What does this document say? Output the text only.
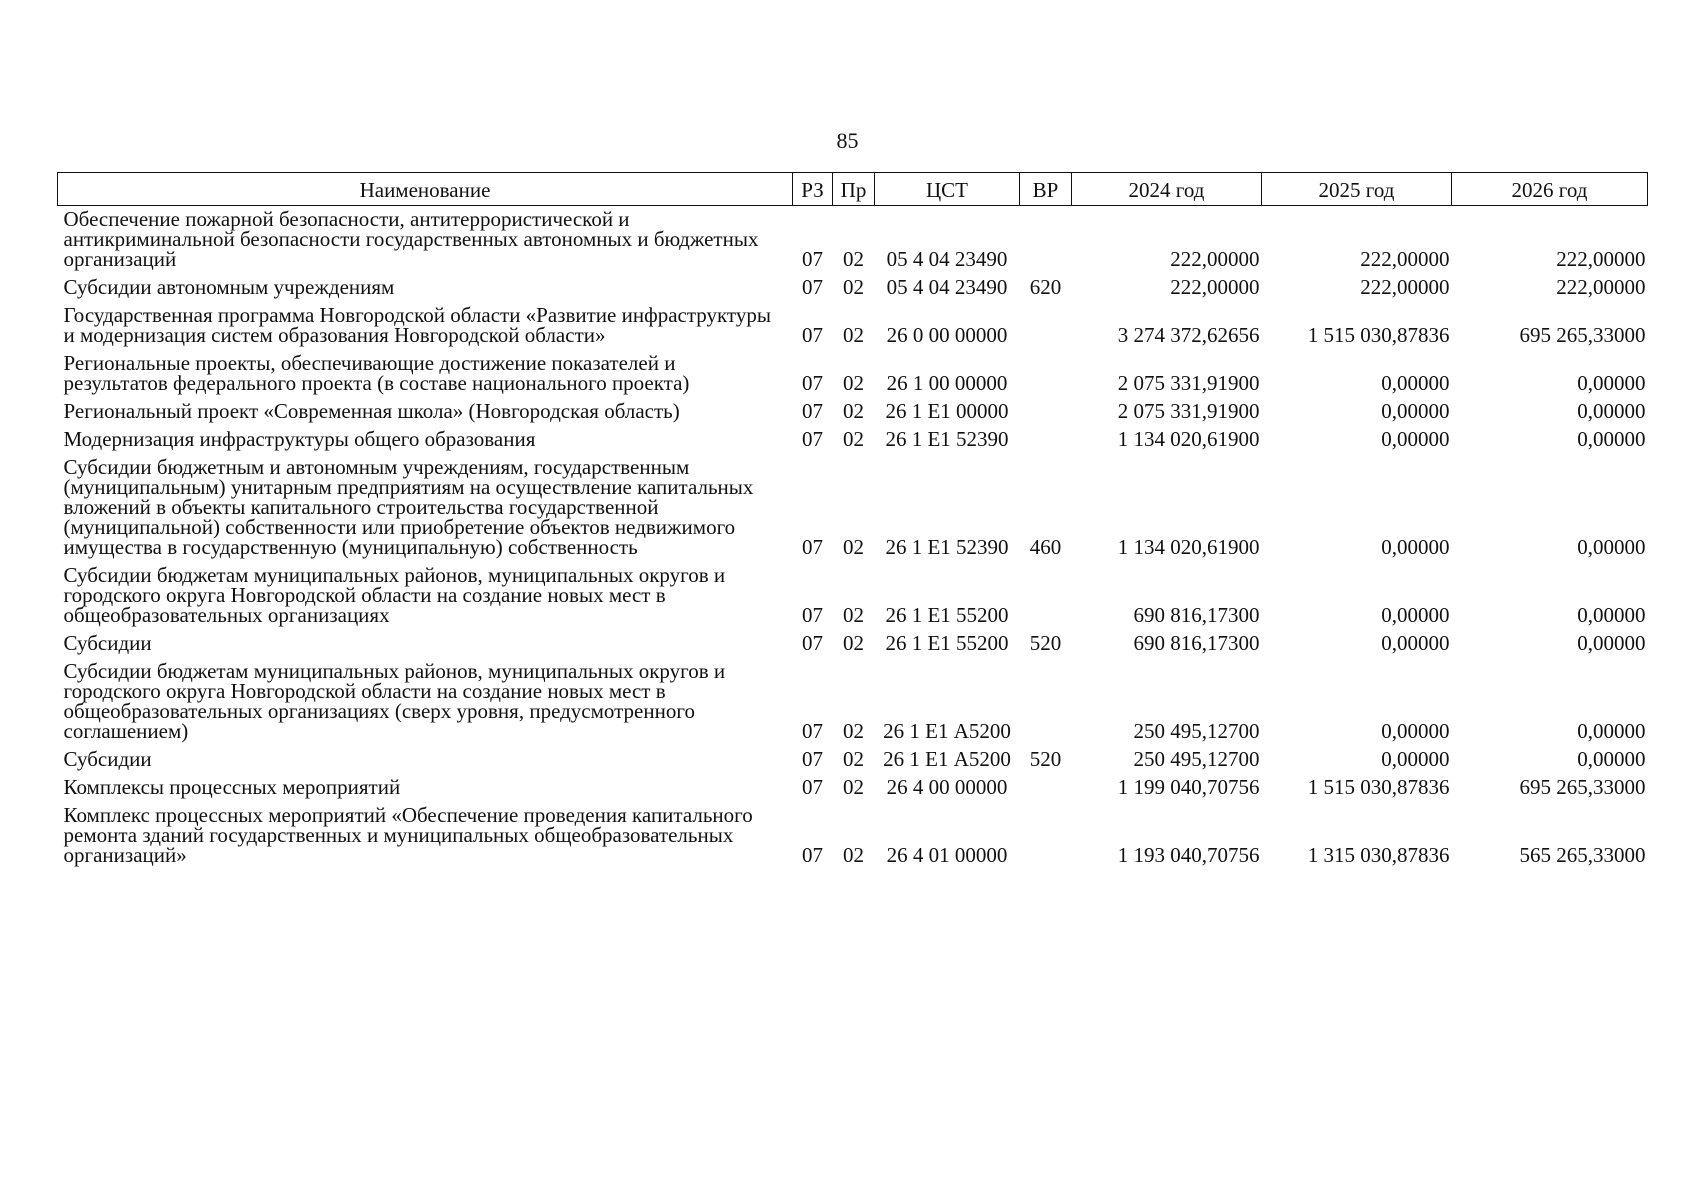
85
Наименование	РЗ	Пр	ЦСТ	ВР	2024 год	2025 год	2026 год
Обеспечение пожарной безопасности, антитеррористической и антикриминальной безопасности государственных автономных и бюджетных организаций	07	02	05 4 04 23490		222,00000	222,00000	222,00000
Субсидии автономным учреждениям	07	02	05 4 04 23490	620	222,00000	222,00000	222,00000
Государственная программа Новгородской области «Развитие инфраструктуры и модернизация систем образования Новгородской области»	07	02	26 0 00 00000		3 274 372,62656	1 515 030,87836	695 265,33000
Региональные проекты, обеспечивающие достижение показателей и результатов федерального проекта (в составе национального проекта)	07	02	26 1 00 00000		2 075 331,91900	0,00000	0,00000
Региональный проект «Современная школа» (Новгородская область)	07	02	26 1 Е1 00000		2 075 331,91900	0,00000	0,00000
Модернизация инфраструктуры общего образования	07	02	26 1 Е1 52390		1 134 020,61900	0,00000	0,00000
Субсидии бюджетным и автономным учреждениям, государственным (муниципальным) унитарным предприятиям на осуществление капитальных вложений в объекты капитального строительства государственной (муниципальной) собственности или приобретение объектов недвижимого имущества в государственную (муниципальную) собственность	07	02	26 1 Е1 52390	460	1 134 020,61900	0,00000	0,00000
Субсидии бюджетам муниципальных районов, муниципальных округов и городского округа Новгородской области на создание новых мест в общеобразовательных организациях	07	02	26 1 Е1 55200		690 816,17300	0,00000	0,00000
Субсидии	07	02	26 1 Е1 55200	520	690 816,17300	0,00000	0,00000
Субсидии бюджетам муниципальных районов, муниципальных округов и городского округа Новгородской области на создание новых мест в общеобразовательных организациях (сверх уровня, предусмотренного соглашением)	07	02	26 1 Е1 А5200		250 495,12700	0,00000	0,00000
Субсидии	07	02	26 1 Е1 А5200	520	250 495,12700	0,00000	0,00000
Комплексы процессных мероприятий	07	02	26 4 00 00000		1 199 040,70756	1 515 030,87836	695 265,33000
Комплекс процессных мероприятий «Обеспечение проведения капитального ремонта зданий государственных и муниципальных общеобразовательных организаций»	07	02	26 4 01 00000		1 193 040,70756	1 315 030,87836	565 265,33000
